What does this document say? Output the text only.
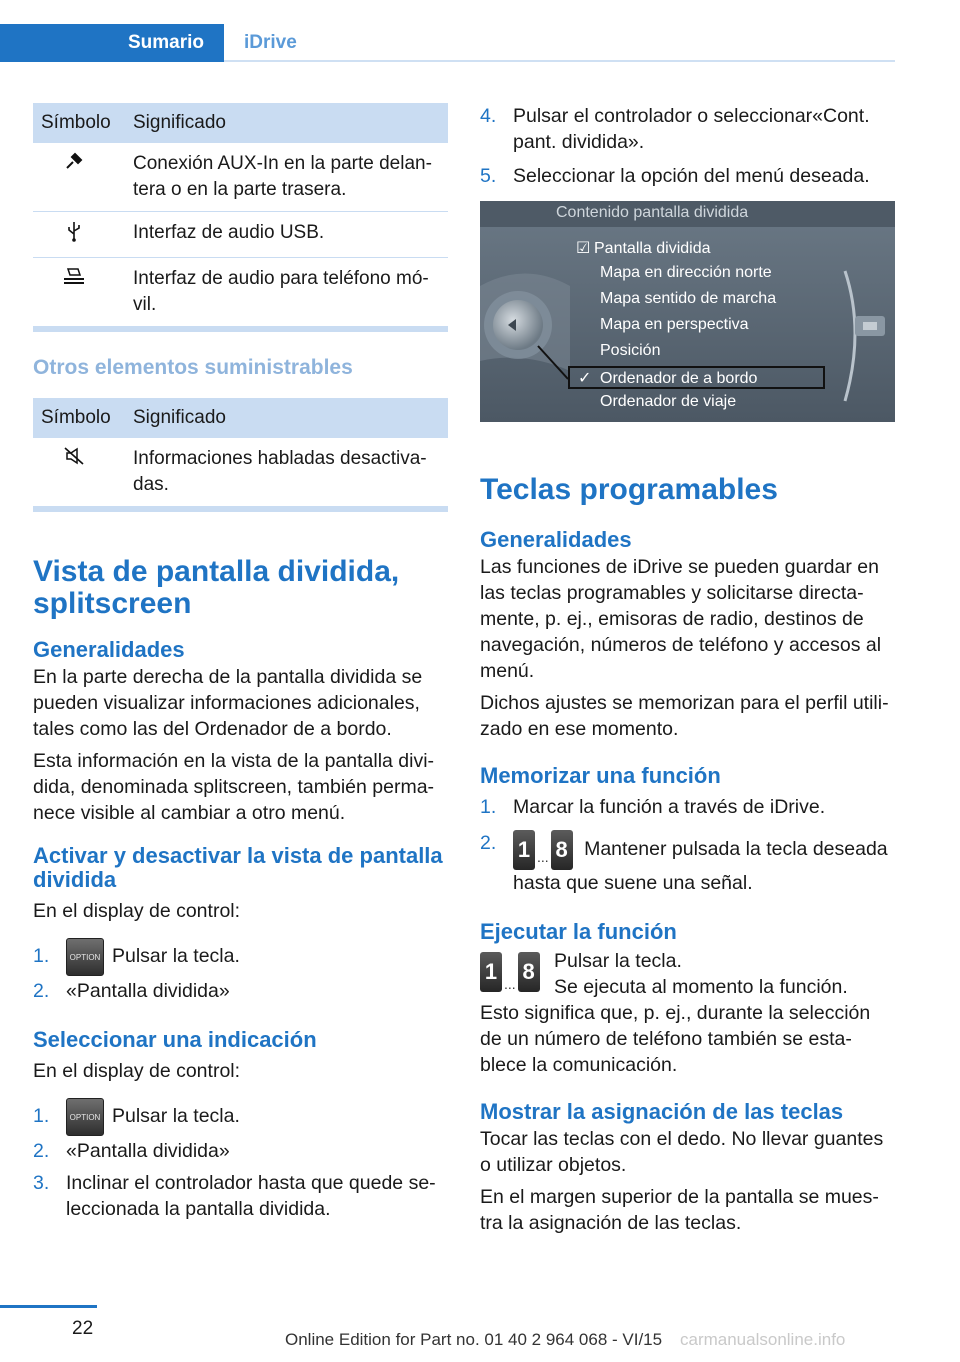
Sumario	iDrive
Símbolo	Significado
	Conexión AUX-In en la parte delan-tera o en la parte trasera.
	Interfaz de audio USB.
	Interfaz de audio para teléfono mó-vil.
Otros elementos suministrables
Símbolo	Significado
	Informaciones habladas desactiva-das.
Vista de pantalla dividida, splitscreen
Generalidades

En la parte derecha de la pantalla dividida se pueden visualizar informaciones adicionales, tales como las del Ordenador de a bordo.

Esta información en la vista de la pantalla divi-dida, denominada splitscreen, también perma-nece visible al cambiar a otro menú.

Activar y desactivar la vista de pantalla dividida

En el display de control:

1.	OPTION Pulsar la tecla.
2. «Pantalla dividida»
Seleccionar una indicación

En el display de control:

1.	OPTION Pulsar la tecla.
2. «Pantalla dividida»
3. Inclinar el controlador hasta que quede se-leccionada la pantalla dividida.
4. Pulsar el controlador o seleccionar«Cont. pant. dividida».
5. Seleccionar la opción del menú deseada.
Contenido pantalla dividida
☑ Pantalla dividida
Mapa en dirección norte
Mapa sentido de marcha
Mapa en perspectiva
Posición
✓ Ordenador de a bordo
Ordenador de viaje
Teclas programables
Generalidades

Las funciones de iDrive se pueden guardar en las teclas programables y solicitarse directa-mente, p. ej., emisoras de radio, destinos de navegación, números de teléfono y accesos al menú.

Dichos ajustes se memorizan para el perfil utili-zado en ese momento.

Memorizar una función
1. Marcar la función a través de iDrive.
2. 1 ... 8 Mantener pulsada la tecla deseada hasta que suene una señal.
Ejecutar la función
1 ... 8 Pulsar la tecla.

Se ejecuta al momento la función.

Esto significa que, p. ej., durante la selección de un número de teléfono también se esta-blece la comunicación.

Mostrar la asignación de las teclas

Tocar las teclas con el dedo. No llevar guantes o utilizar objetos.

En el margen superior de la pantalla se mues-tra la asignación de las teclas.

22
Online Edition for Part no. 01 40 2 964 068 - VI/15 carmanualsonline.info
